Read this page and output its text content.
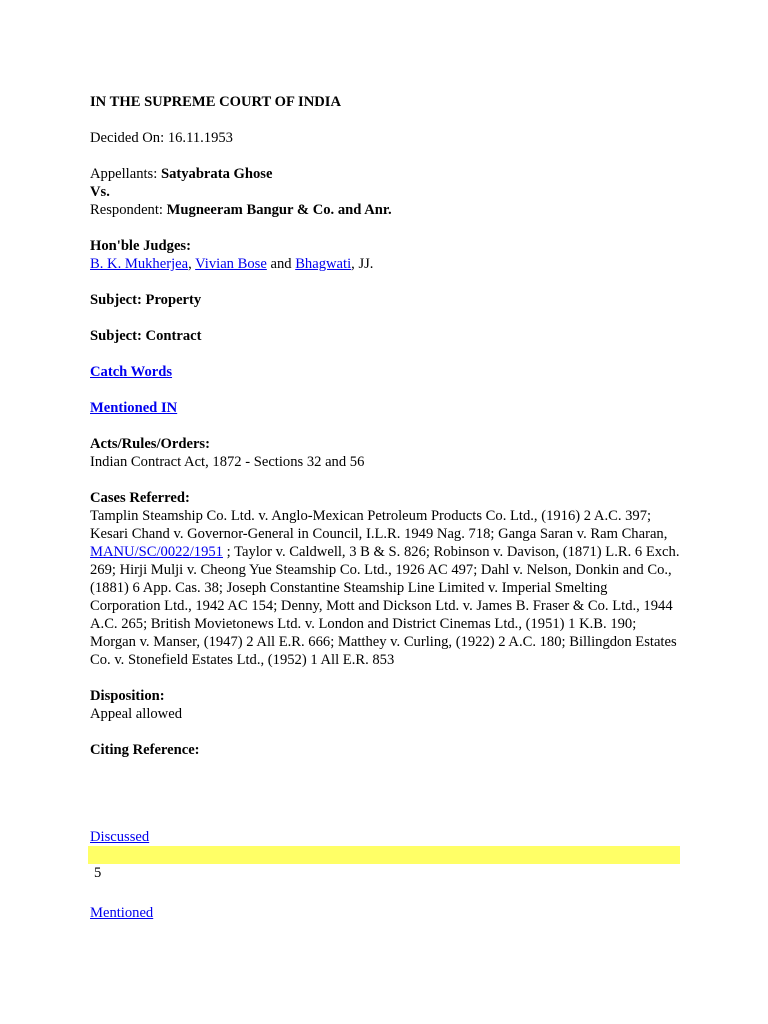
IN THE SUPREME COURT OF INDIA
Decided On: 16.11.1953
Appellants: Satyabrata Ghose
Vs.
Respondent: Mugneeram Bangur & Co. and Anr.
Hon'ble Judges:
B. K. Mukherjea, Vivian Bose and Bhagwati, JJ.
Subject: Property
Subject: Contract
Catch Words
Mentioned IN
Acts/Rules/Orders:
Indian Contract Act, 1872 - Sections 32 and 56
Cases Referred:
Tamplin Steamship Co. Ltd. v. Anglo-Mexican Petroleum Products Co. Ltd., (1916) 2 A.C. 397; Kesari Chand v. Governor-General in Council, I.L.R. 1949 Nag. 718; Ganga Saran v. Ram Charan, MANU/SC/0022/1951 ; Taylor v. Caldwell, 3 B & S. 826; Robinson v. Davison, (1871) L.R. 6 Exch. 269; Hirji Mulji v. Cheong Yue Steamship Co. Ltd., 1926 AC 497; Dahl v. Nelson, Donkin and Co., (1881) 6 App. Cas. 38; Joseph Constantine Steamship Line Limited v. Imperial Smelting Corporation Ltd., 1942 AC 154; Denny, Mott and Dickson Ltd. v. James B. Fraser & Co. Ltd., 1944 A.C. 265; British Movietonews Ltd. v. London and District Cinemas Ltd., (1951) 1 K.B. 190; Morgan v. Manser, (1947) 2 All E.R. 666; Matthey v. Curling, (1922) 2 A.C. 180; Billingdon Estates Co. v. Stonefield Estates Ltd., (1952) 1 All E.R. 853
Disposition:
Appeal allowed
Citing Reference:
Discussed
5
Mentioned
